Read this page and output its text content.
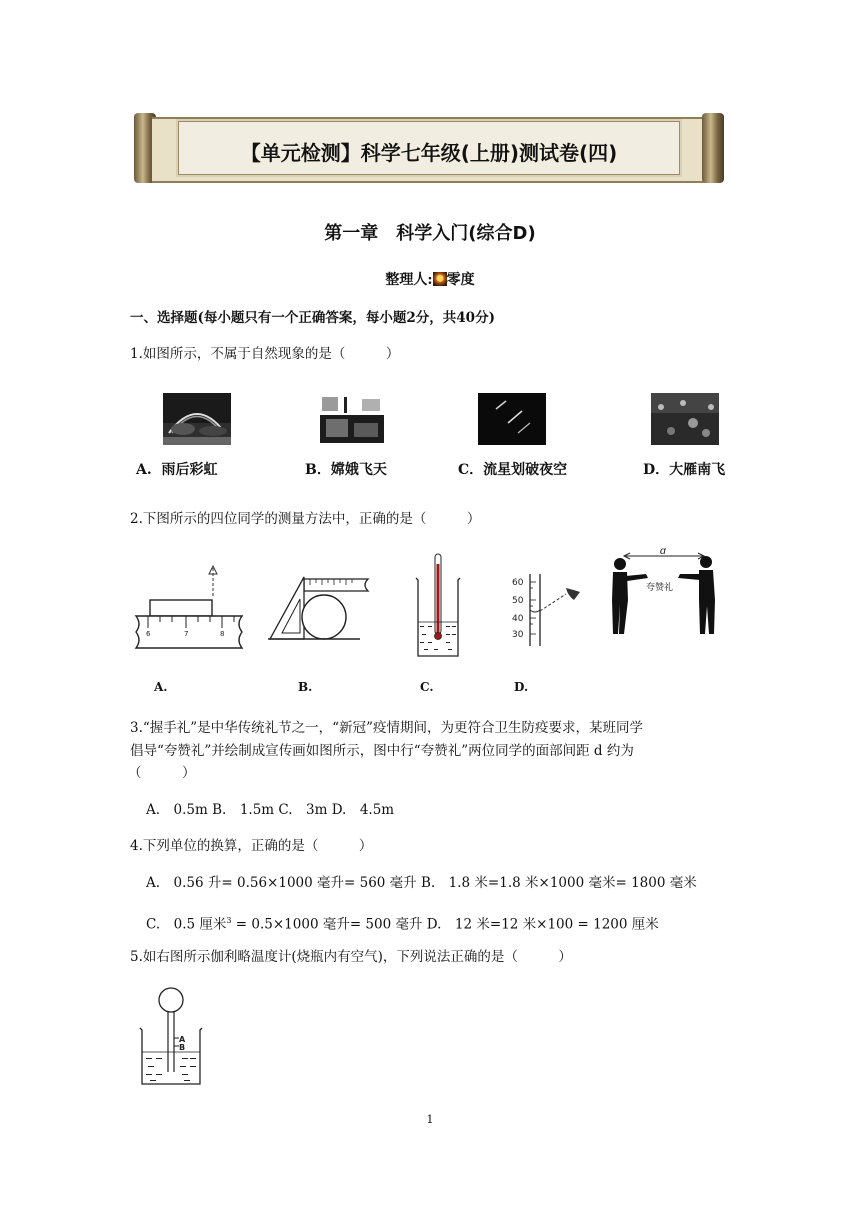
【单元检测】科学七年级(上册)测试卷(四)
第一章　科学入门(综合D)
整理人: 零度
一、选择题(每小题只有一个正确答案，每小题2分，共40分)
1.如图所示，不属于自然现象的是（　　　）
A. 雨后彩虹	B．嫦娥飞天	C．流星划破夜空	D．大雁南飞
2.下图所示的四位同学的测量方法中，正确的是（　　　）
6	7	8
60
50
40
30
d
夸赞礼
A.	B.	C.	D.
3.“握手礼”是中华传统礼节之一，“新冠”疫情期间，为更符合卫生防疫要求，某班同学
倡导“夸赞礼”并绘制成宣传画如图所示，图中行“夸赞礼”两位同学的面部间距 d 约为
（　　　）
A.　0.5m B.　1.5m C.　3m D.　4.5m
4.下列单位的换算，正确的是（　　　）
A.　0.56 升= 0.56×1000 毫升= 560 毫升 B.　1.8 米=1.8 米×1000 毫米= 1800 毫米
C.　0.5 厘米$^3$ = 0.5×1000 毫升= 500 毫升 D.　12 米=12 米×100 = 1200 厘米
5.如右图所示伽利略温度计(烧瓶内有空气)，下列说法正确的是（　　　）
A
B
1
